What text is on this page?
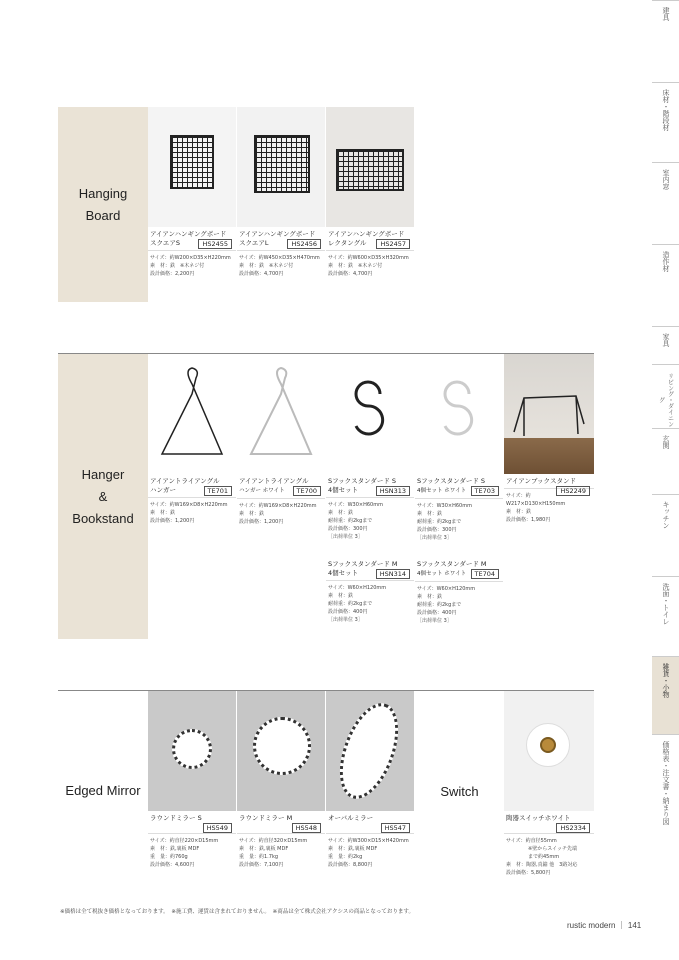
建具
床材・階段材
室内窓
造作材
家具
リビング・ダイニング
玄関
キッチン
洗面・トイレ
雑貨・小物
価格表・注文書・納まり図
Hanging
Board
アイアンハンギングボード
スクエアS	HS2455
サイズ：約W200×D35×H220mm
素　材：鉄　※木ネジ付
設計価格：2,200円
アイアンハンギングボード
スクエアL	HS2456
サイズ：約W450×D35×H470mm
素　材：鉄　※木ネジ付
設計価格：4,700円
アイアンハンギングボード
レクタングル	HS2457
サイズ：約W600×D35×H320mm
素　材：鉄　※木ネジ付
設計価格：4,700円
Hanger
&
Bookstand
アイアントライアングル
ハンガー	TE701
サイズ：約W169×D8×H220mm
素　材：鉄
設計価格：1,200円
アイアントライアングル
ハンガー ホワイト	TE700
サイズ：約W169×D8×H220mm
素　材：鉄
設計価格：1,200円
Sフックスタンダード S
4個セット	HSN313
サイズ：W30×H60mm
素　材：鉄
耐荷重：約2kgまで
設計価格：300円
［出荷単位 3］
Sフックスタンダード S
4個セット ホワイト	TE703
サイズ：W30×H60mm
素　材：鉄
耐荷重：約2kgまで
設計価格：300円
［出荷単位 3］
アイアンブックスタンド

HS2249
サイズ：約W217×D130×H150mm
素　材：鉄
設計価格：1,980円
Sフックスタンダード M
4個セット	HSN314
サイズ：W60×H120mm
素　材：鉄
耐荷重：約2kgまで
設計価格：400円
［出荷単位 3］
Sフックスタンダード M
4個セット ホワイト	TE704
サイズ：W60×H120mm
素　材：鉄
耐荷重：約2kgまで
設計価格：400円
［出荷単位 3］
Edged Mirror
ラウンドミラー S

HS549
サイズ：約直径220×D15mm
素　材：鉄,裏板 MDF
重　量：約760g
設計価格：4,600円
ラウンドミラー M

HS548
サイズ：約直径320×D15mm
素　材：鉄,裏板 MDF
重　量：約1.7kg
設計価格：7,100円
オーバルミラー

HS547
サイズ：約W300×D15×H420mm
素　材：鉄,裏板 MDF
重　量：約2kg
設計価格：8,800円
Switch
陶器スイッチホワイト

HS2334
サイズ：約直径55mm
※壁からスイッチ先端
まで約45mm
素　材：陶器,真鍮 他　3路対応
設計価格：5,800円
※価格は全て税抜き価格となっております。　※施工費、運賃は含まれておりません。　※商品は全て株式会社アクシスの商品となっております。
rustic modern ｜ 141
